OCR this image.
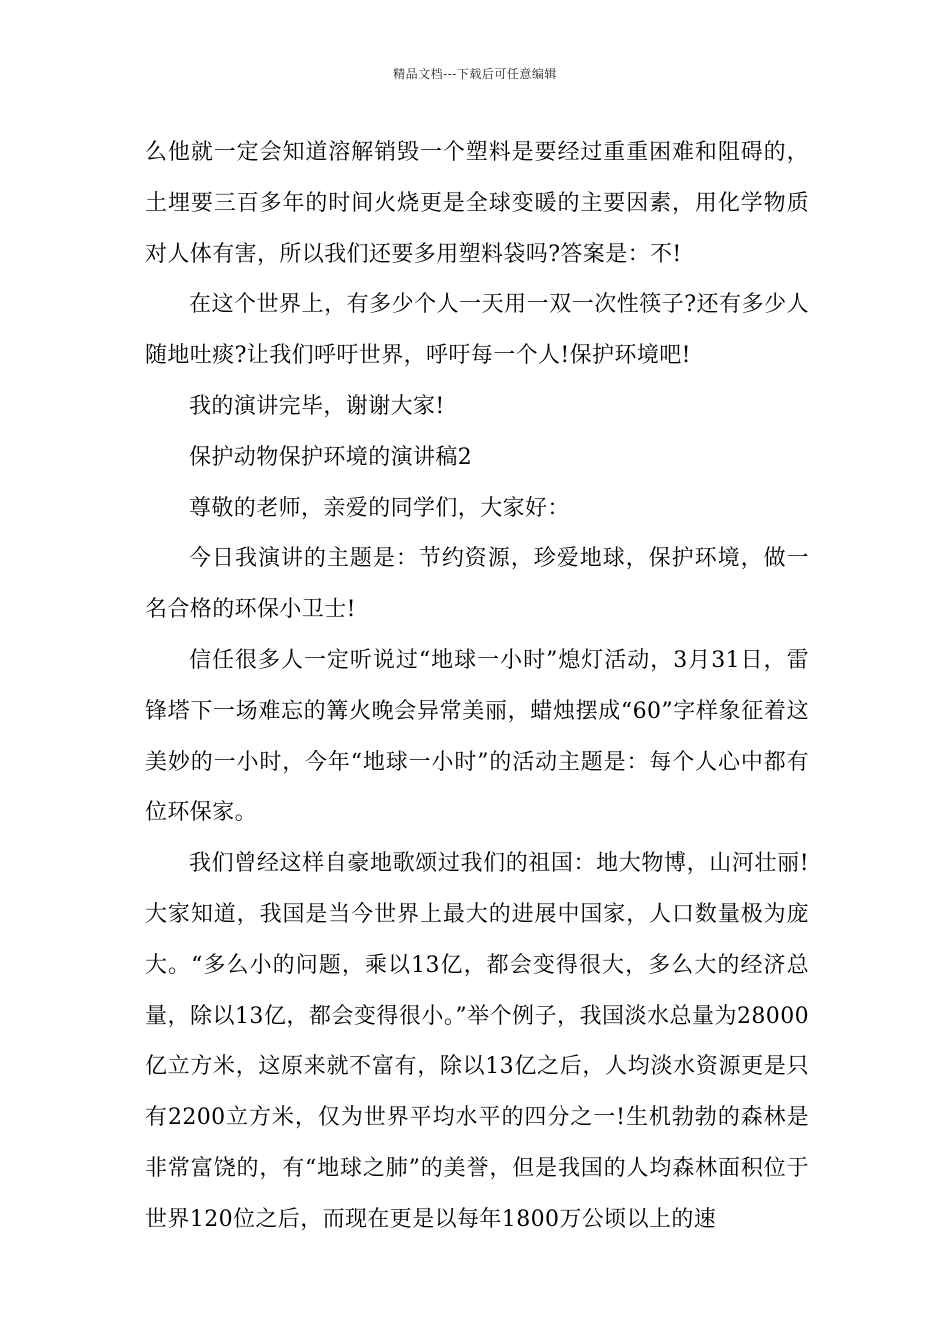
精品文档---下载后可任意编辑

么他就一定会知道溶解销毁一个塑料是要经过重重困难和阻碍的，土埋要三百多年的时间火烧更是全球变暖的主要因素，用化学物质对人体有害，所以我们还要多用塑料袋吗?答案是：不!

在这个世界上，有多少个人一天用一双一次性筷子?还有多少人随地吐痰?让我们呼吁世界，呼吁每一个人!保护环境吧!

我的演讲完毕，谢谢大家!

保护动物保护环境的演讲稿2

尊敬的老师，亲爱的同学们，大家好：

今日我演讲的主题是：节约资源，珍爱地球，保护环境，做一名合格的环保小卫士!

信任很多人一定听说过“地球一小时”熄灯活动，3月31日，雷锋塔下一场难忘的篝火晚会异常美丽，蜡烛摆成“60”字样象征着这美妙的一小时，今年“地球一小时”的活动主题是：每个人心中都有位环保家。

我们曾经这样自豪地歌颂过我们的祖国：地大物博，山河壮丽!大家知道，我国是当今世界上最大的进展中国家，人口数量极为庞大。“多么小的问题，乘以13亿，都会变得很大，多么大的经济总量，除以13亿，都会变得很小。”举个例子，我国淡水总量为28000亿立方米，这原来就不富有，除以13亿之后，人均淡水资源更是只有2200立方米，仅为世界平均水平的四分之一!生机勃勃的森林是非常富饶的，有“地球之肺”的美誉，但是我国的人均森林面积位于世界120位之后，而现在更是以每年1800万公顷以上的速
